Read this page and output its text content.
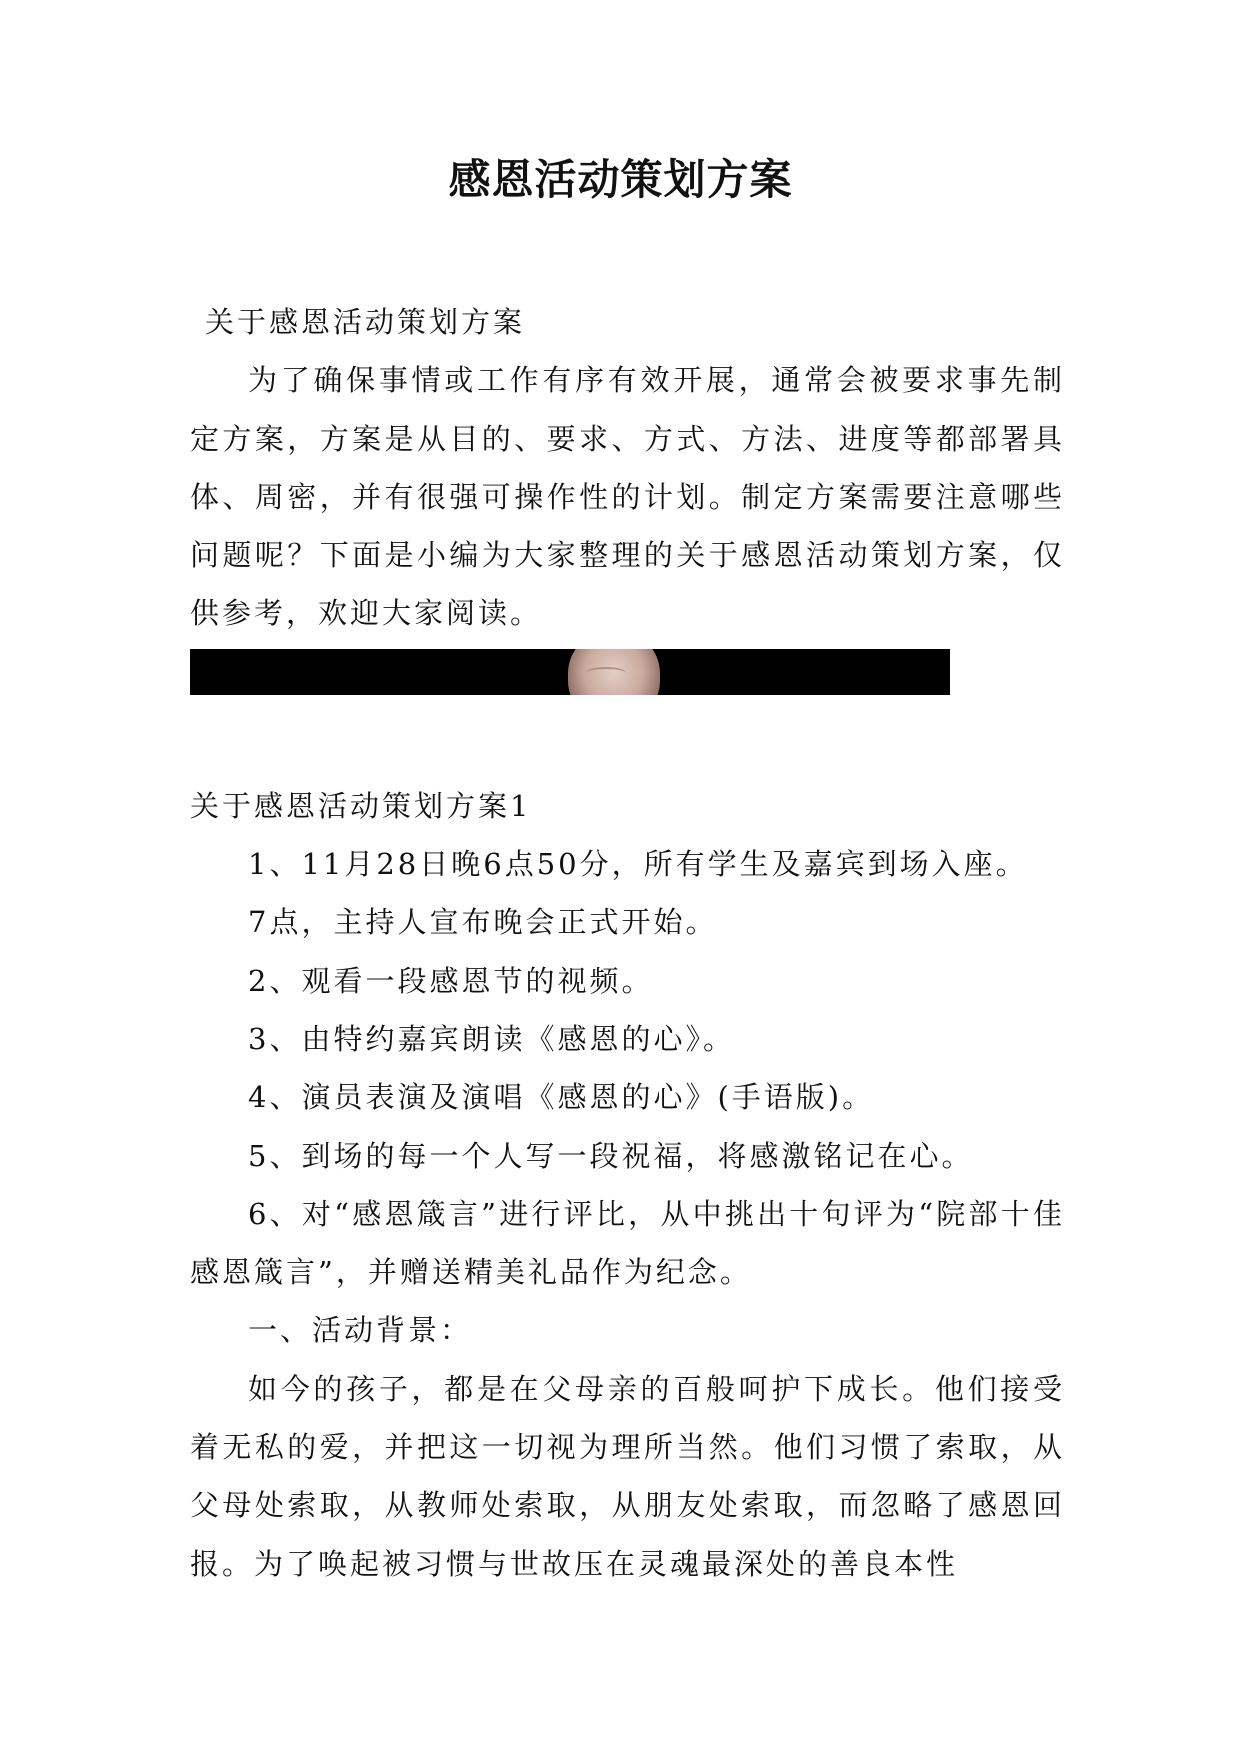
感恩活动策划方案

关于感恩活动策划方案

为了确保事情或工作有序有效开展，通常会被要求事先制定方案，方案是从目的、要求、方式、方法、进度等都部署具体、周密，并有很强可操作性的计划。制定方案需要注意哪些问题呢？下面是小编为大家整理的关于感恩活动策划方案，仅供参考，欢迎大家阅读。

关于感恩活动策划方案1

1、11月28日晚6点50分，所有学生及嘉宾到场入座。

7点，主持人宣布晚会正式开始。

2、观看一段感恩节的视频。

3、由特约嘉宾朗读《感恩的心》。

4、演员表演及演唱《感恩的心》(手语版)。

5、到场的每一个人写一段祝福，将感激铭记在心。

6、对“感恩箴言”进行评比，从中挑出十句评为“院部十佳感恩箴言”，并赠送精美礼品作为纪念。

一、活动背景：

如今的孩子，都是在父母亲的百般呵护下成长。他们接受着无私的爱，并把这一切视为理所当然。他们习惯了索取，从父母处索取，从教师处索取，从朋友处索取，而忽略了感恩回报。为了唤起被习惯与世故压在灵魂最深处的善良本性
